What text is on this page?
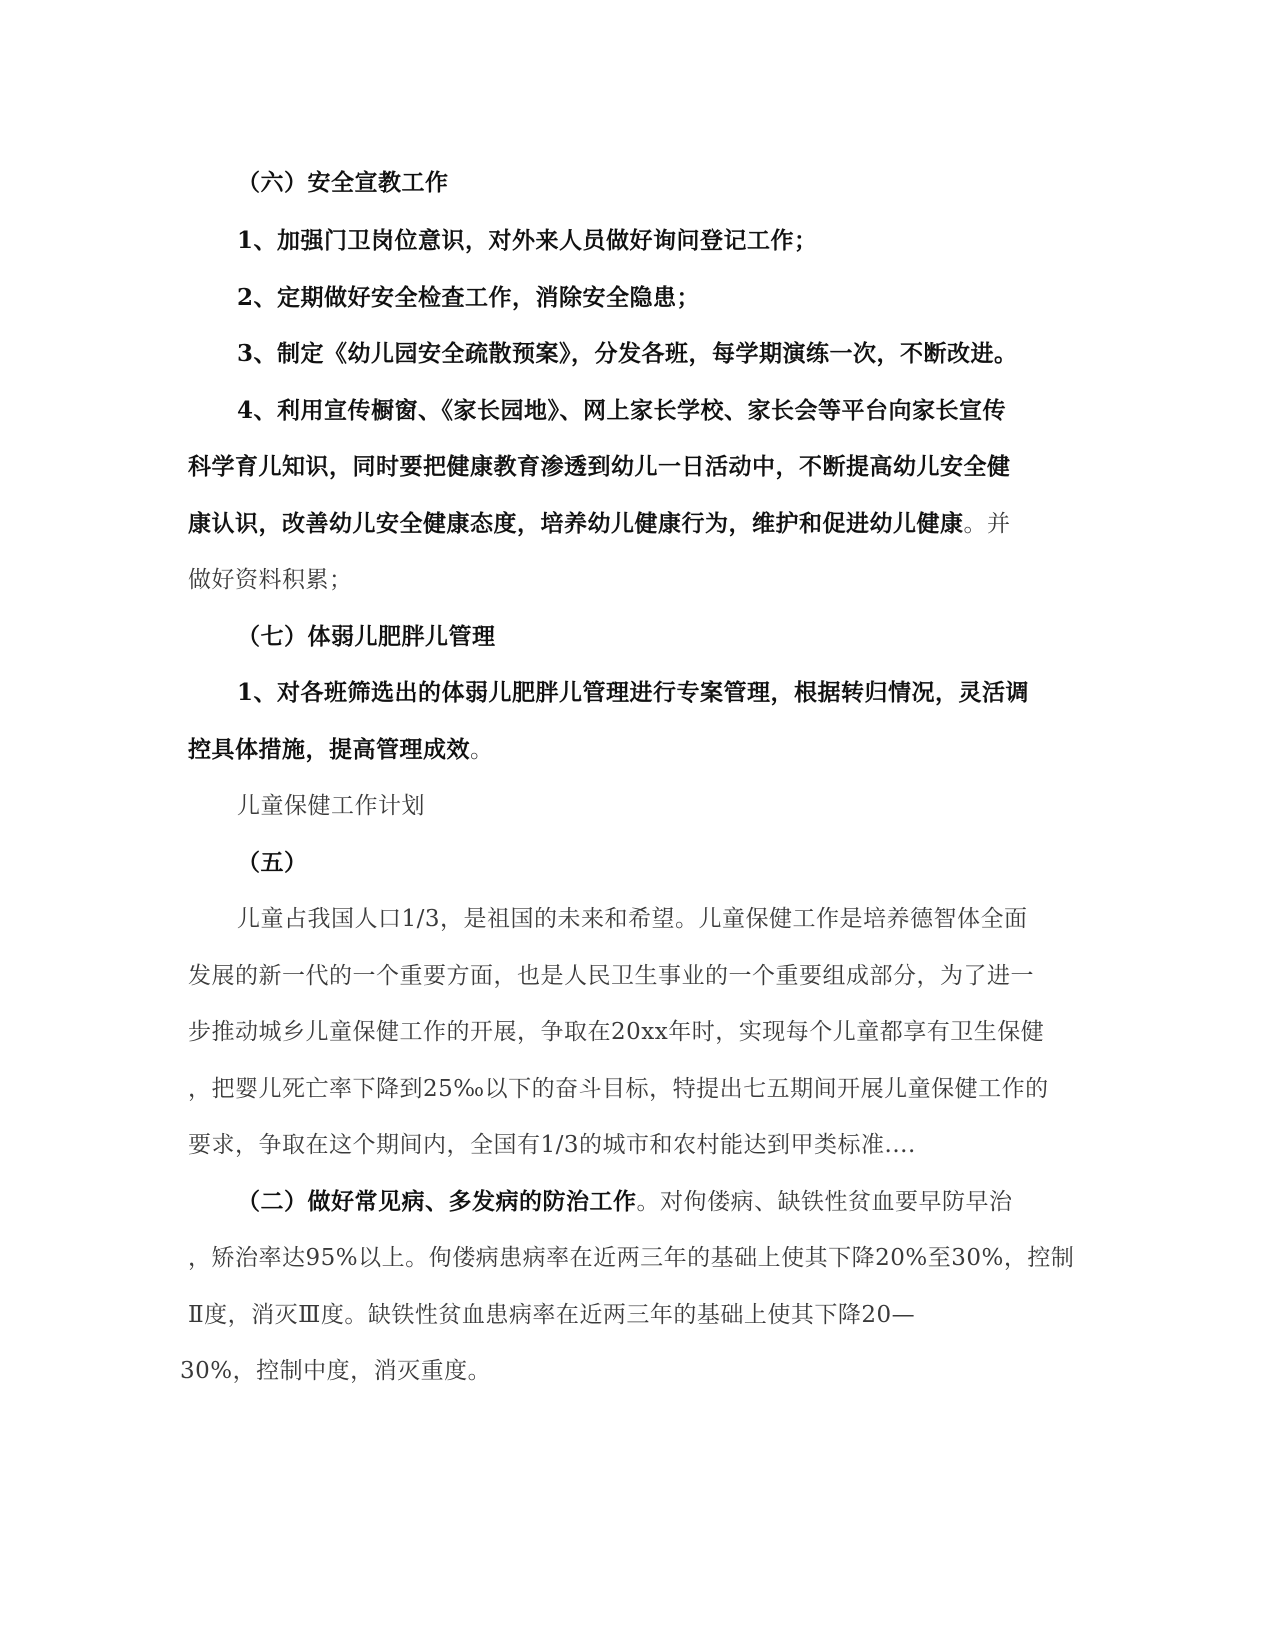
（六）安全宣教工作
1、加强门卫岗位意识，对外来人员做好询问登记工作；
2、定期做好安全检查工作，消除安全隐患；
3、制定《幼儿园安全疏散预案》，分发各班，每学期演练一次，不断改进。
4、利用宣传橱窗、《家长园地》、网上家长学校、家长会等平台向家长宣传
科学育儿知识，同时要把健康教育渗透到幼儿一日活动中，不断提高幼儿安全健
康认识，改善幼儿安全健康态度，培养幼儿健康行为，维护和促进幼儿健康。并
做好资料积累；
（七）体弱儿肥胖儿管理
1、对各班筛选出的体弱儿肥胖儿管理进行专案管理，根据转归情况，灵活调
控具体措施，提高管理成效。
儿童保健工作计划
（五）
儿童占我国人口1/3，是祖国的未来和希望。儿童保健工作是培养德智体全面
发展的新一代的一个重要方面，也是人民卫生事业的一个重要组成部分，为了进一
步推动城乡儿童保健工作的开展，争取在20xx年时，实现每个儿童都享有卫生保健
，把婴儿死亡率下降到25‰以下的奋斗目标，特提出七五期间开展儿童保健工作的
要求，争取在这个期间内，全国有1/3的城市和农村能达到甲类标准....
（二）做好常见病、多发病的防治工作。对佝偻病、缺铁性贫血要早防早治
，矫治率达95%以上。佝偻病患病率在近两三年的基础上使其下降20%至30%，控制
Ⅱ度，消灭Ⅲ度。缺铁性贫血患病率在近两三年的基础上使其下降20—
30%，控制中度，消灭重度。
